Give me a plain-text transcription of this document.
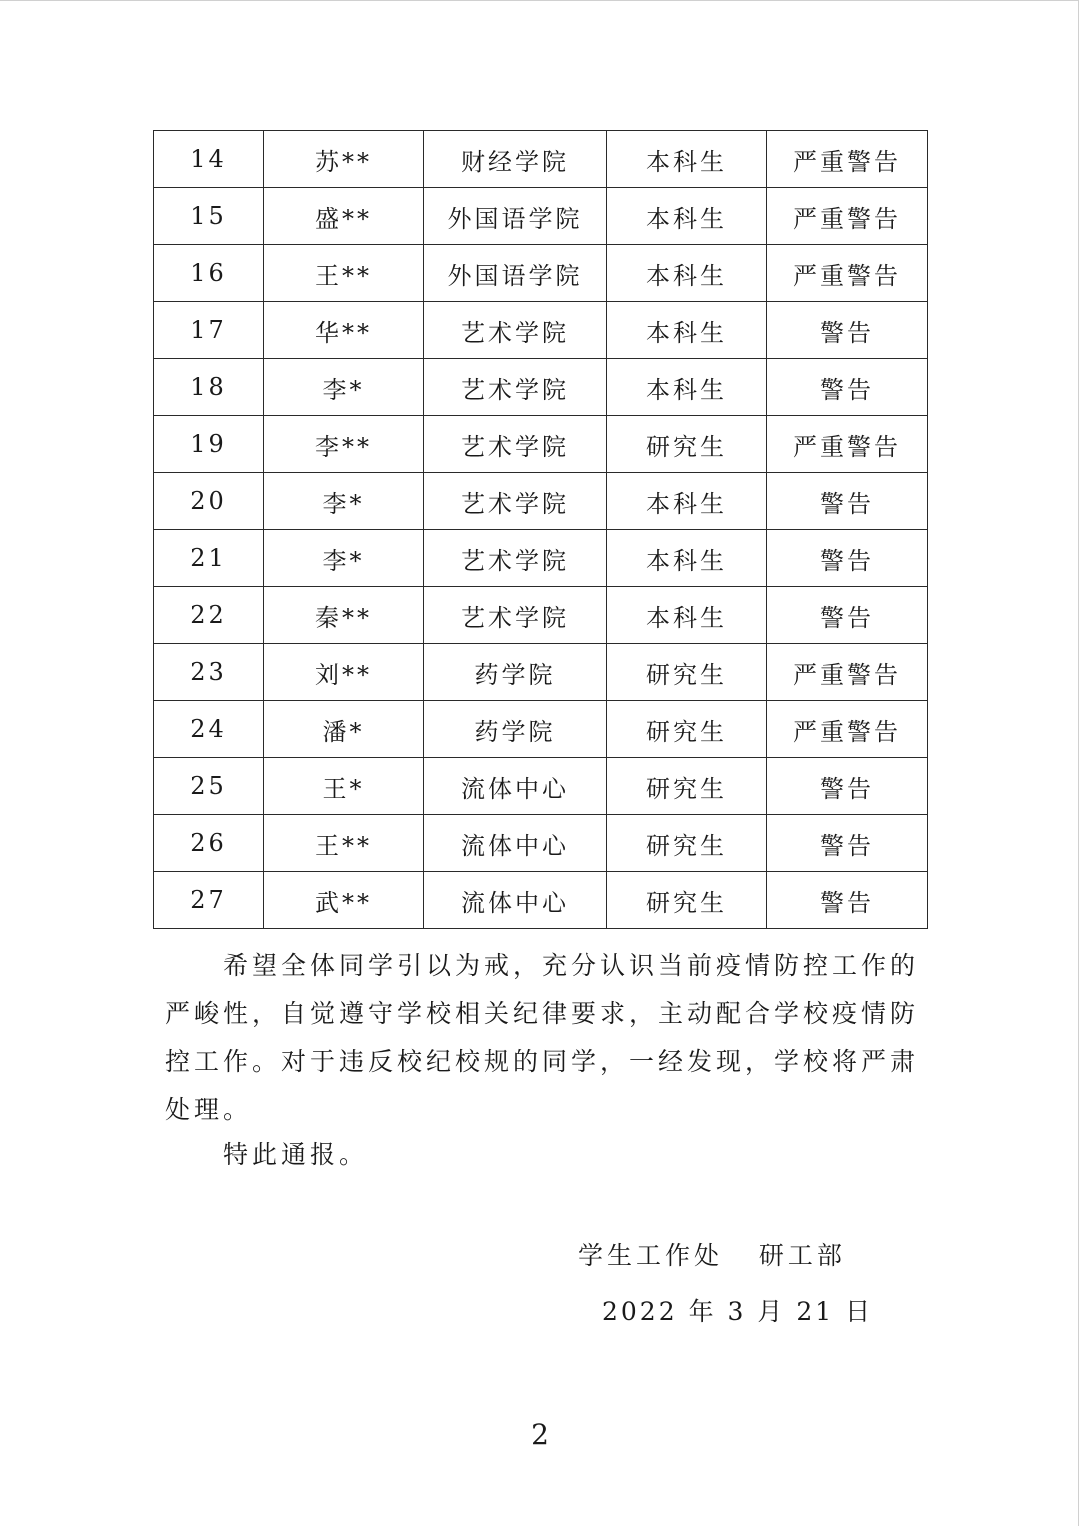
14	苏**	财经学院	本科生	严重警告
15	盛**	外国语学院	本科生	严重警告
16	王**	外国语学院	本科生	严重警告
17	华**	艺术学院	本科生	警告
18	李*	艺术学院	本科生	警告
19	李**	艺术学院	研究生	严重警告
20	李*	艺术学院	本科生	警告
21	李*	艺术学院	本科生	警告
22	秦**	艺术学院	本科生	警告
23	刘**	药学院	研究生	严重警告
24	潘*	药学院	研究生	严重警告
25	王*	流体中心	研究生	警告
26	王**	流体中心	研究生	警告
27	武**	流体中心	研究生	警告

希望全体同学引以为戒，充分认识当前疫情防控工作的严峻性，自觉遵守学校相关纪律要求，主动配合学校疫情防控工作。对于违反校纪校规的同学，一经发现，学校将严肃处理。

特此通报。

学生工作处   研工部
2022 年 3 月 21 日
2
